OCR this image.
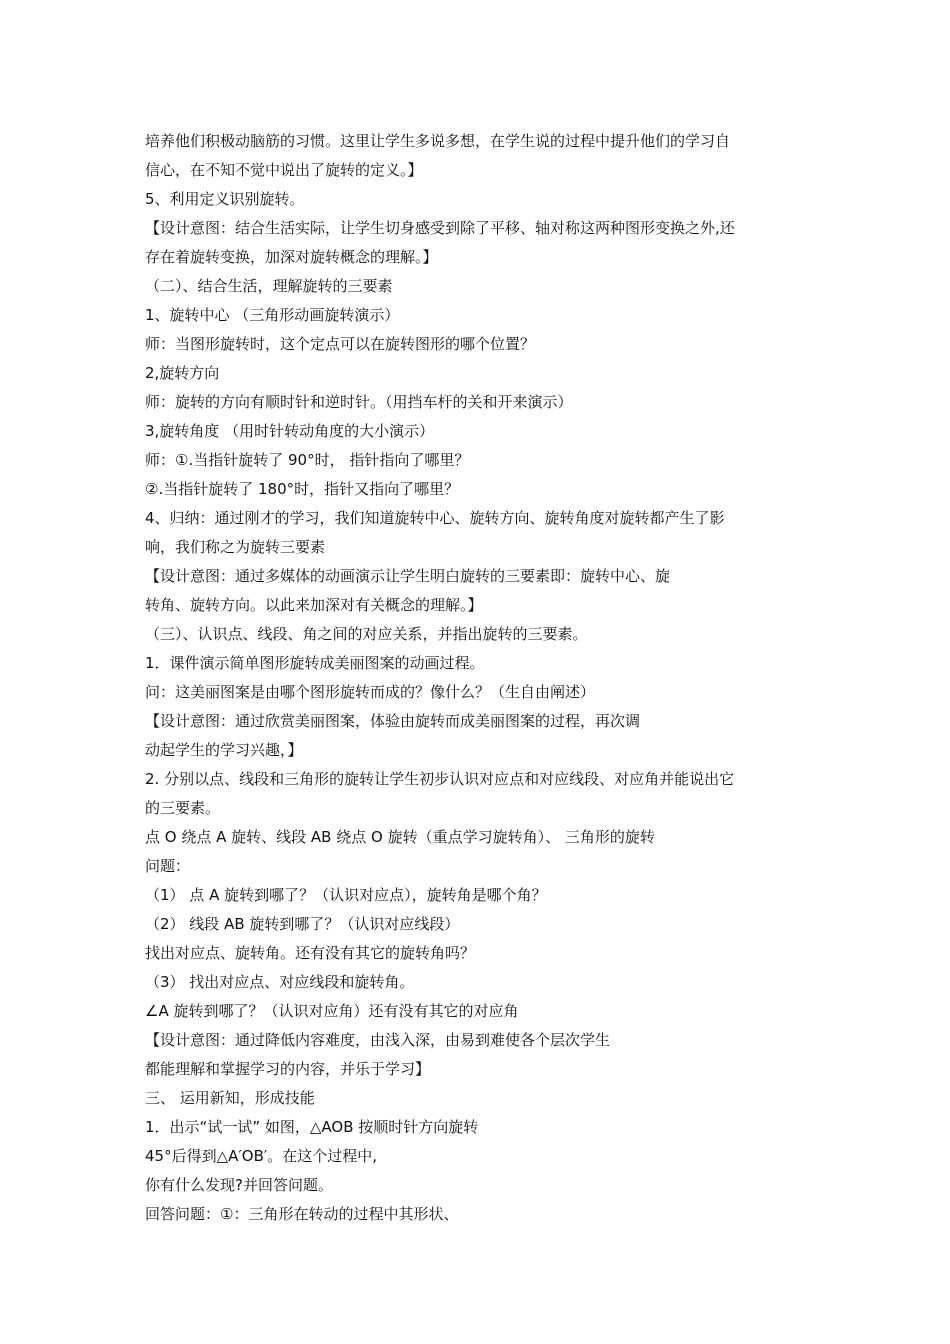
培养他们积极动脑筋的习惯。这里让学生多说多想，在学生说的过程中提升他们的学习自
信心，在不知不觉中说出了旋转的定义。】
5、利用定义识别旋转。
【设计意图：结合生活实际，让学生切身感受到除了平移、轴对称这两种图形变换之外,还
存在着旋转变换，加深对旋转概念的理解。】
（二）、结合生活，理解旋转的三要素
1、旋转中心 （三角形动画旋转演示）
师：当图形旋转时，这个定点可以在旋转图形的哪个位置？
2,旋转方向
师：旋转的方向有顺时针和逆时针。（用挡车杆的关和开来演示）
3,旋转角度 （用时针转动角度的大小演示）
师：①.当指针旋转了 90°时， 指针指向了哪里？
②.当指针旋转了 180°时，指针又指向了哪里？
4、归纳：通过刚才的学习，我们知道旋转中心、旋转方向、旋转角度对旋转都产生了影
响，我们称之为旋转三要素
【设计意图：通过多媒体的动画演示让学生明白旋转的三要素即：旋转中心、旋
转角、旋转方向。以此来加深对有关概念的理解。】
（三）、认识点、线段、角之间的对应关系，并指出旋转的三要素。
1．课件演示简单图形旋转成美丽图案的动画过程。
问：这美丽图案是由哪个图形旋转而成的？像什么？（生自由阐述）
【设计意图：通过欣赏美丽图案，体验由旋转而成美丽图案的过程，再次调
动起学生的学习兴趣，】
2. 分别以点、线段和三角形的旋转让学生初步认识对应点和对应线段、对应角并能说出它
的三要素。
点 O 绕点 A 旋转、线段 AB 绕点 O 旋转（重点学习旋转角）、 三角形的旋转
问题：
（1） 点 A 旋转到哪了？（认识对应点），旋转角是哪个角？
（2） 线段 AB 旋转到哪了？（认识对应线段）
找出对应点、旋转角。还有没有其它的旋转角吗？
（3） 找出对应点、对应线段和旋转角。
∠A 旋转到哪了？（认识对应角）还有没有其它的对应角
【设计意图：通过降低内容难度，由浅入深，由易到难使各个层次学生
都能理解和掌握学习的内容，并乐于学习】
三、 运用新知，形成技能
1．出示“试一试” 如图，△AOB 按顺时针方向旋转
45°后得到△A′OB′。在这个过程中,
你有什么发现?并回答问题。
回答问题：①：三角形在转动的过程中其形状、
